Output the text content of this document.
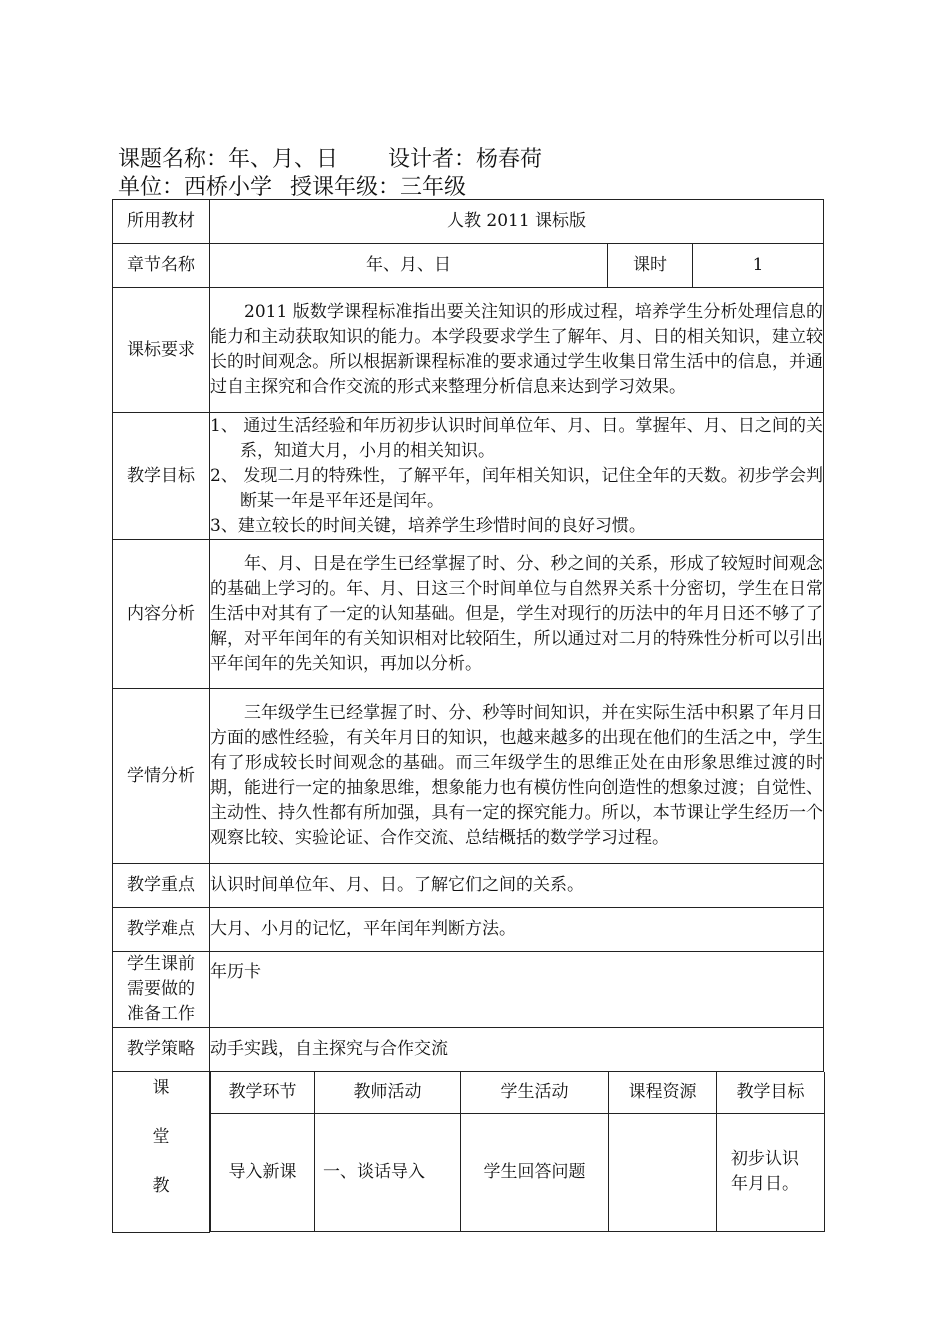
课题名称：年、月、日 设计者：杨春荷
单位：西桥小学 授课年级：三年级
所用教材	人教 2011 课标版
章节名称	年、月、日	课时	1
课标要求	
2011 版数学课程标准指出要关注知识的形成过程，培养学生分析处理信息的能力和主动获取知识的能力。本学段要求学生了解年、月、日的相关知识，建立较长的时间观念。所以根据新课程标准的要求通过学生收集日常生活中的信息，并通过自主探究和合作交流的形式来整理分析信息来达到学习效果。

教学目标	
1、 通过生活经验和年历初步认识时间单位年、月、日。掌握年、月、日之间的关系，知道大月，小月的相关知识。
2、 发现二月的特殊性，了解平年，闰年相关知识，记住全年的天数。初步学会判断某一年是平年还是闰年。
3、建立较长的时间关键，培养学生珍惜时间的良好习惯。

内容分析	
年、月、日是在学生已经掌握了时、分、秒之间的关系，形成了较短时间观念的基础上学习的。年、月、日这三个时间单位与自然界关系十分密切，学生在日常生活中对其有了一定的认知基础。但是，学生对现行的历法中的年月日还不够了了解，对平年闰年的有关知识相对比较陌生，所以通过对二月的特殊性分析可以引出平年闰年的先关知识，再加以分析。

学情分析	
三年级学生已经掌握了时、分、秒等时间知识，并在实际生活中积累了年月日方面的感性经验，有关年月日的知识，也越来越多的出现在他们的生活之中，学生有了形成较长时间观念的基础。而三年级学生的思维正处在由形象思维过渡的时期，能进行一定的抽象思维，想象能力也有模仿性向创造性的想象过渡；自觉性、主动性、持久性都有所加强，具有一定的探究能力。所以，本节课让学生经历一个观察比较、实验论证、合作交流、总结概括的数学学习过程。

教学重点	认识时间单位年、月、日。了解它们之间的关系。
教学难点	大月、小月的记忆，平年闰年判断方法。
学生课前需要做的准备工作	年历卡
教学策略	动手实践，自主探究与合作交流

课
堂
教

教学环节	教师活动	学生活动	课程资源	教学目标
导入新课	一、谈话导入	学生回答问题		初步认识年月日。
